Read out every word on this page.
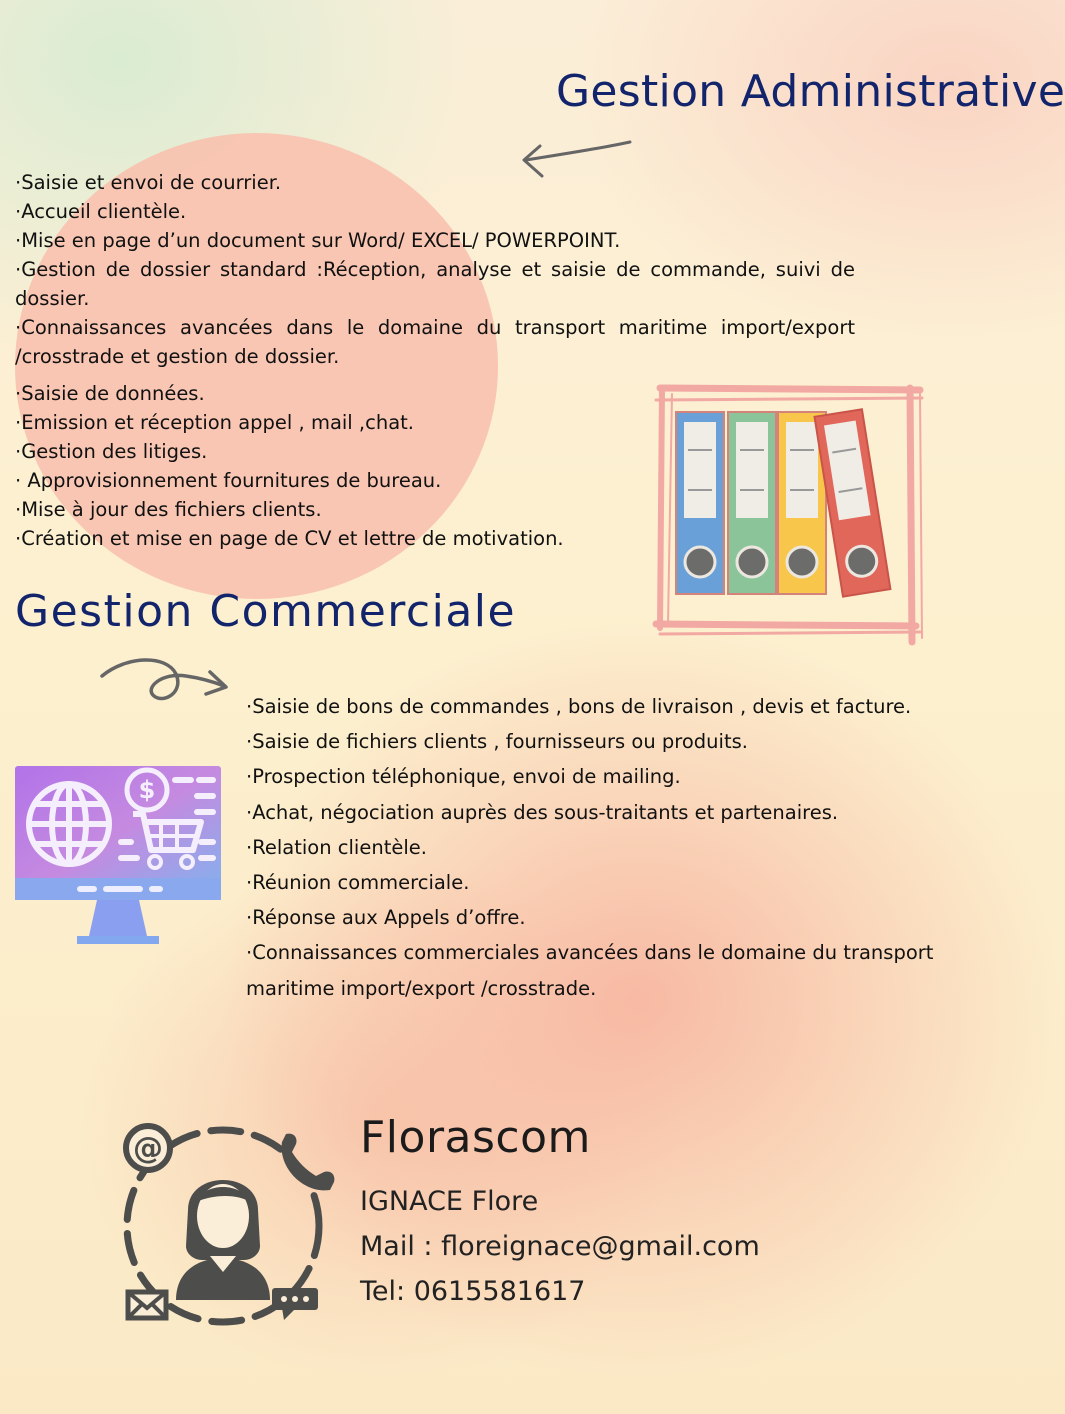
Gestion Administrative
·Saisie et envoi de courrier.
·Accueil clientèle.
·Mise en page d’un document sur Word/ EXCEL/ POWERPOINT.
·Gestion de dossier standard :Réception, analyse et saisie de commande, suivi de dossier.
·Connaissances avancées dans le domaine du transport maritime import/export /crosstrade et gestion de dossier.
·Saisie de données.
·Emission et réception appel , mail ,chat.
·Gestion des litiges.
· Approvisionnement fournitures de bureau.
·Mise à jour des fichiers clients.
·Création et mise en page de CV et lettre de motivation.
Gestion Commerciale
$
·Saisie de bons de commandes , bons de livraison , devis et facture.
·Saisie de fichiers clients , fournisseurs ou produits.
·Prospection téléphonique, envoi de mailing.
·Achat, négociation auprès des sous-traitants et partenaires.
·Relation clientèle.
·Réunion commerciale.
·Réponse aux Appels d’offre.
·Connaissances commerciales avancées dans le domaine du transport maritime import/export /crosstrade.
@	Florascom
IGNACE Flore
Mail : floreignace@gmail.com
Tel: 0615581617
